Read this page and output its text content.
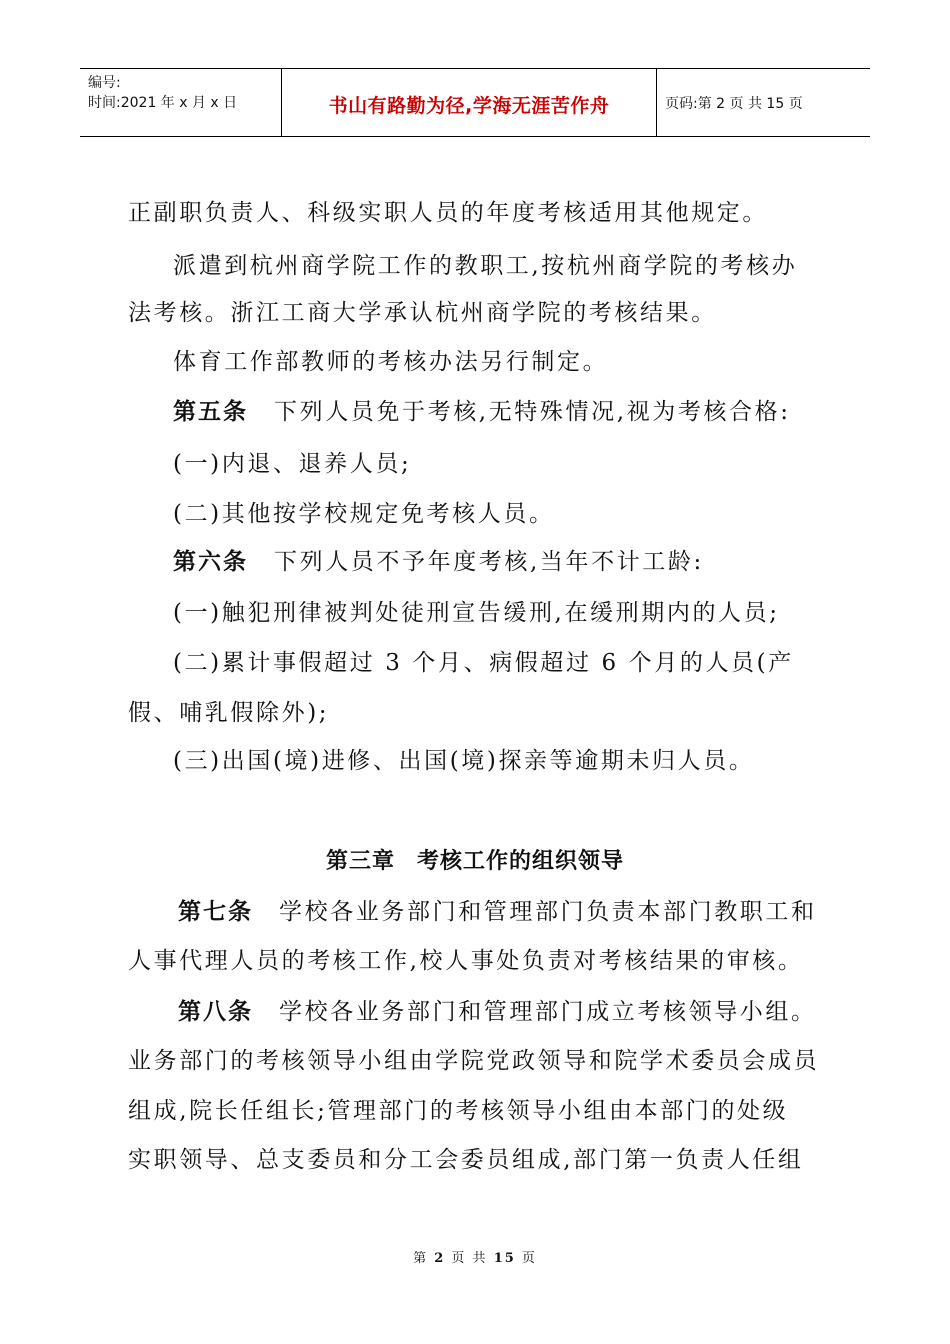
编号:
时间:2021 年 x 月 x 日	书山有路勤为径,学海无涯苦作舟	页码:第 2 页 共 15 页
正副职负责人、科级实职人员的年度考核适用其他规定。
派遣到杭州商学院工作的教职工,按杭州商学院的考核办
法考核。浙江工商大学承认杭州商学院的考核结果。
体育工作部教师的考核办法另行制定。
第五条 下列人员免于考核,无特殊情况,视为考核合格:
(一)内退、退养人员;
(二)其他按学校规定免考核人员。
第六条 下列人员不予年度考核,当年不计工龄:
(一)触犯刑律被判处徒刑宣告缓刑,在缓刑期内的人员;
(二)累计事假超过 3 个月、病假超过 6 个月的人员(产
假、哺乳假除外);
(三)出国(境)进修、出国(境)探亲等逾期未归人员。
第三章 考核工作的组织领导
第七条 学校各业务部门和管理部门负责本部门教职工和
人事代理人员的考核工作,校人事处负责对考核结果的审核。
第八条 学校各业务部门和管理部门成立考核领导小组。
业务部门的考核领导小组由学院党政领导和院学术委员会成员
组成,院长任组长;管理部门的考核领导小组由本部门的处级
实职领导、总支委员和分工会委员组成,部门第一负责人任组
第 2 页 共 15 页
